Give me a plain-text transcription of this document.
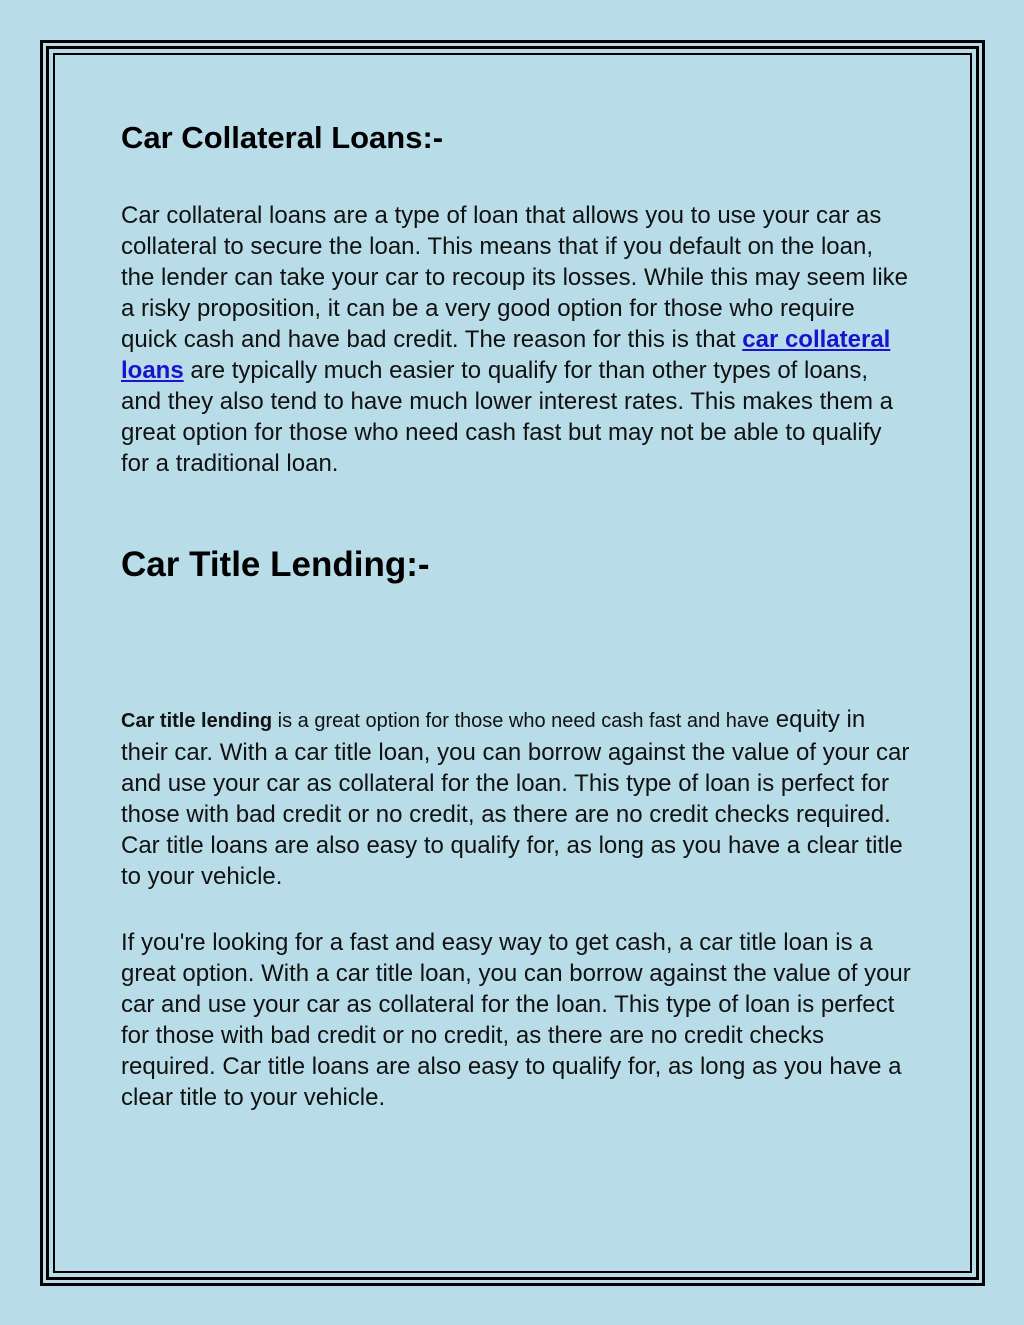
Car Collateral Loans:-

Car collateral loans are a type of loan that allows you to use your car as collateral to secure the loan. This means that if you default on the loan, the lender can take your car to recoup its losses. While this may seem like a risky proposition, it can be a very good option for those who require quick cash and have bad credit. The reason for this is that car collateral loans are typically much easier to qualify for than other types of loans, and they also tend to have much lower interest rates. This makes them a great option for those who need cash fast but may not be able to qualify for a traditional loan.

Car Title Lending:-

Car title lending is a great option for those who need cash fast and have equity in their car. With a car title loan, you can borrow against the value of your car and use your car as collateral for the loan. This type of loan is perfect for those with bad credit or no credit, as there are no credit checks required. Car title loans are also easy to qualify for, as long as you have a clear title to your vehicle.

If you're looking for a fast and easy way to get cash, a car title loan is a great option. With a car title loan, you can borrow against the value of your car and use your car as collateral for the loan. This type of loan is perfect for those with bad credit or no credit, as there are no credit checks required. Car title loans are also easy to qualify for, as long as you have a clear title to your vehicle.
